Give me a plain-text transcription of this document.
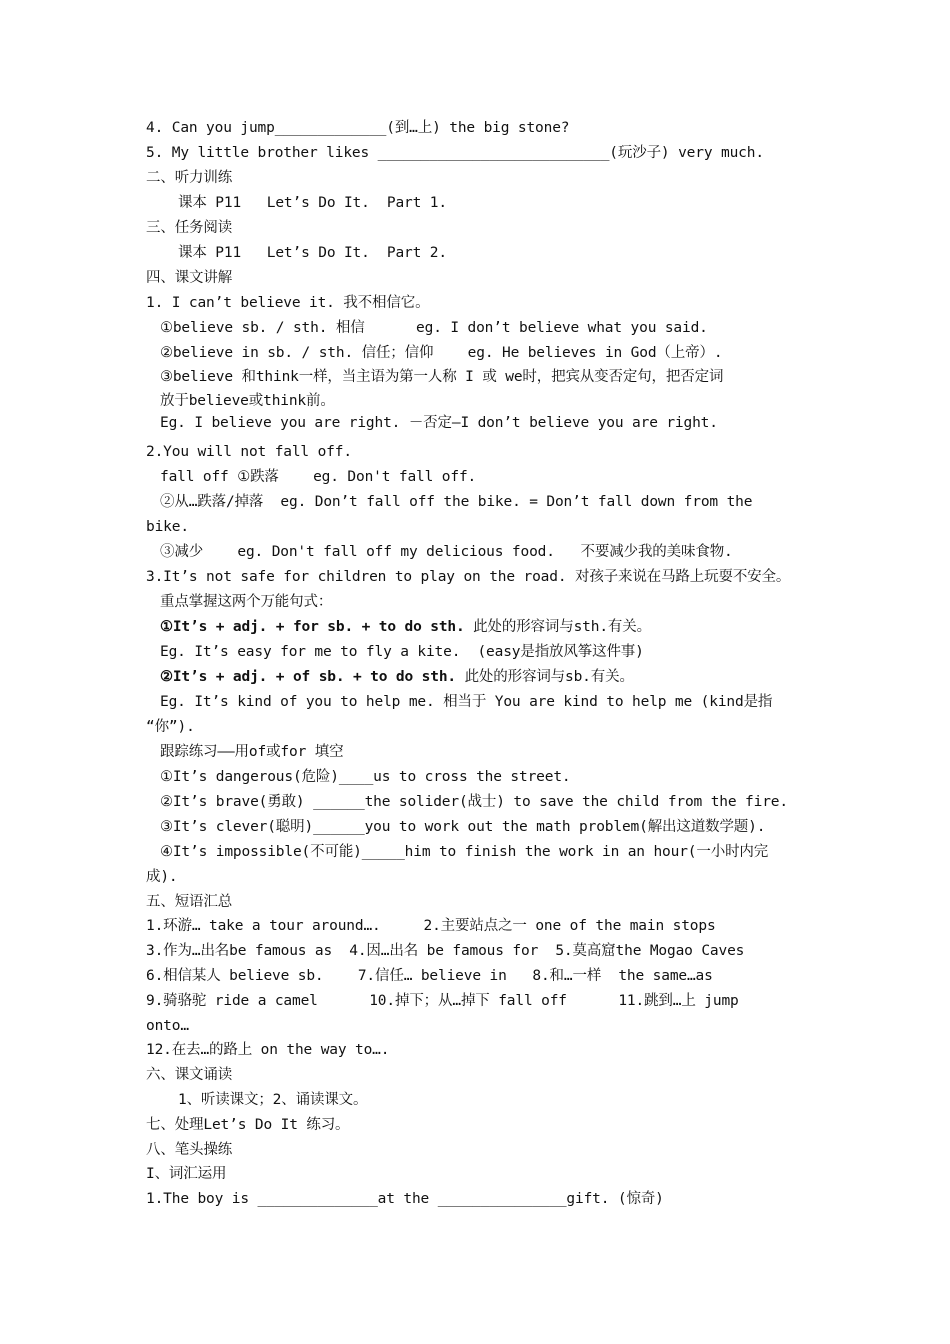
4. Can you jump_____________(到…上) the big stone?
5. My little brother likes ___________________________(玩沙子) very much.
二、听力训练
课本 P11   Let’s Do It.  Part 1.
三、任务阅读
课本 P11   Let’s Do It.  Part 2.
四、课文讲解
1. I can’t believe it. 我不相信它。
①believe sb. / sth. 相信      eg. I don’t believe what you said.
②believe in sb. / sth. 信任；信仰    eg. He believes in God（上帝）.
③believe 和think一样，当主语为第一人称 I 或 we时，把宾从变否定句，把否定词
放于believe或think前。
Eg. I believe you are right. －否定—I don’t believe you are right.
2.You will not fall off.
fall off ①跌落    eg. Don't fall off.
②从…跌落/掉落  eg. Don’t fall off the bike. = Don’t fall down from the
bike.
③减少    eg. Don't fall off my delicious food.   不要减少我的美味食物.
3.It’s not safe for children to play on the road. 对孩子来说在马路上玩耍不安全。
重点掌握这两个万能句式：
①It’s + adj. + for sb. + to do sth. 此处的形容词与sth.有关。
Eg. It’s easy for me to fly a kite.  (easy是指放风筝这件事)
②It’s + adj. + of sb. + to do sth. 此处的形容词与sb.有关。
Eg. It’s kind of you to help me. 相当于 You are kind to help me (kind是指
“你”).
跟踪练习——用of或for 填空
①It’s dangerous(危险)____us to cross the street.
②It’s brave(勇敢) ______the solider(战士) to save the child from the fire.
③It’s clever(聪明)______you to work out the math problem(解出这道数学题).
④It’s impossible(不可能)_____him to finish the work in an hour(一小时内完
成).
五、短语汇总
1.环游… take a tour around….     2.主要站点之一 one of the main stops
3.作为…出名be famous as  4.因…出名 be famous for  5.莫高窟the Mogao Caves
6.相信某人 believe sb.    7.信任… believe in   8.和…一样  the same…as
9.骑骆驼 ride a camel      10.掉下；从…掉下 fall off      11.跳到…上 jump
onto…
12.在去…的路上 on the way to….
六、课文诵读
1、听读课文；2、诵读课文。
七、处理Let’s Do It 练习。
八、笔头操练
I、词汇运用
1.The boy is ______________at the _______________gift. (惊奇)
